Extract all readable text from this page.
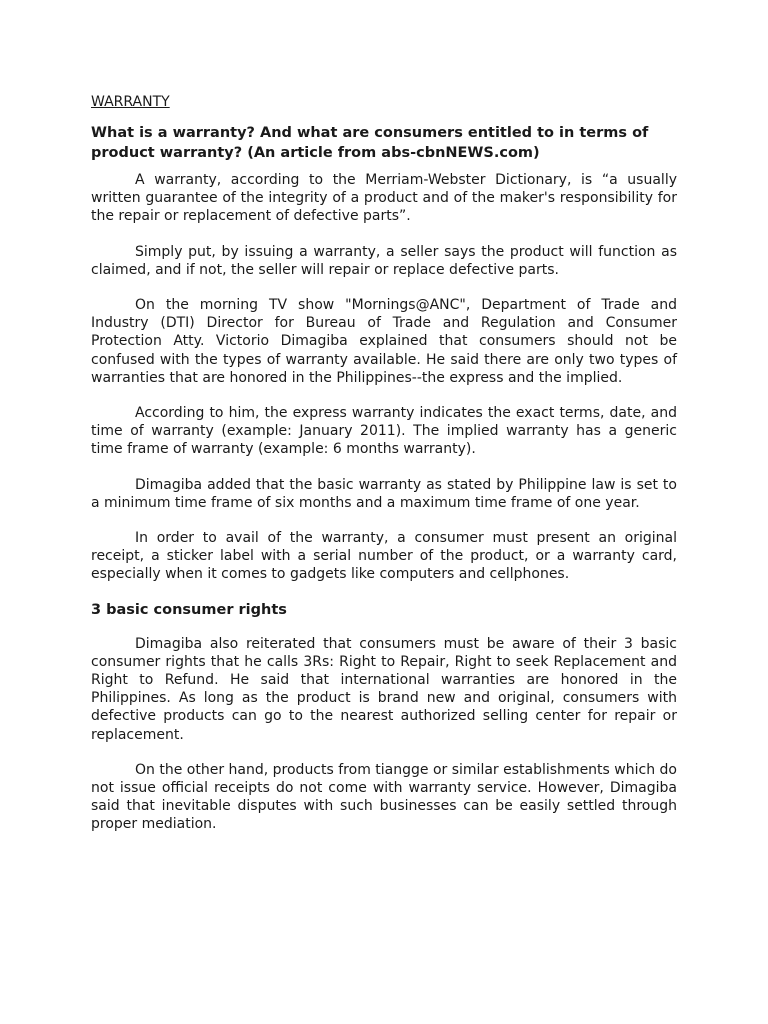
WARRANTY
What is a warranty? And what are consumers entitled to in terms of product warranty? (An article from abs-cbnNEWS.com)

A warranty, according to the Merriam-Webster Dictionary, is “a usually written guarantee of the integrity of a product and of the maker's responsibility for the repair or replacement of defective parts”.

Simply put, by issuing a warranty, a seller says the product will function as claimed, and if not, the seller will repair or replace defective parts.

On the morning TV show "Mornings@ANC", Department of Trade and Industry (DTI) Director for Bureau of Trade and Regulation and Consumer Protection Atty. Victorio Dimagiba explained that consumers should not be confused with the types of warranty available. He said there are only two types of warranties that are honored in the Philippines--the express and the implied.

According to him, the express warranty indicates the exact terms, date, and time of warranty (example: January 2011). The implied warranty has a generic time frame of warranty (example: 6 months warranty).

Dimagiba added that the basic warranty as stated by Philippine law is set to a minimum time frame of six months and a maximum time frame of one year.

In order to avail of the warranty, a consumer must present an original receipt, a sticker label with a serial number of the product, or a warranty card, especially when it comes to gadgets like computers and cellphones.

3 basic consumer rights

Dimagiba also reiterated that consumers must be aware of their 3 basic consumer rights that he calls 3Rs: Right to Repair, Right to seek Replacement and Right to Refund. He said that international warranties are honored in the Philippines. As long as the product is brand new and original, consumers with defective products can go to the nearest authorized selling center for repair or replacement.

On the other hand, products from tiangge or similar establishments which do not issue official receipts do not come with warranty service. However, Dimagiba said that inevitable disputes with such businesses can be easily settled through proper mediation.
